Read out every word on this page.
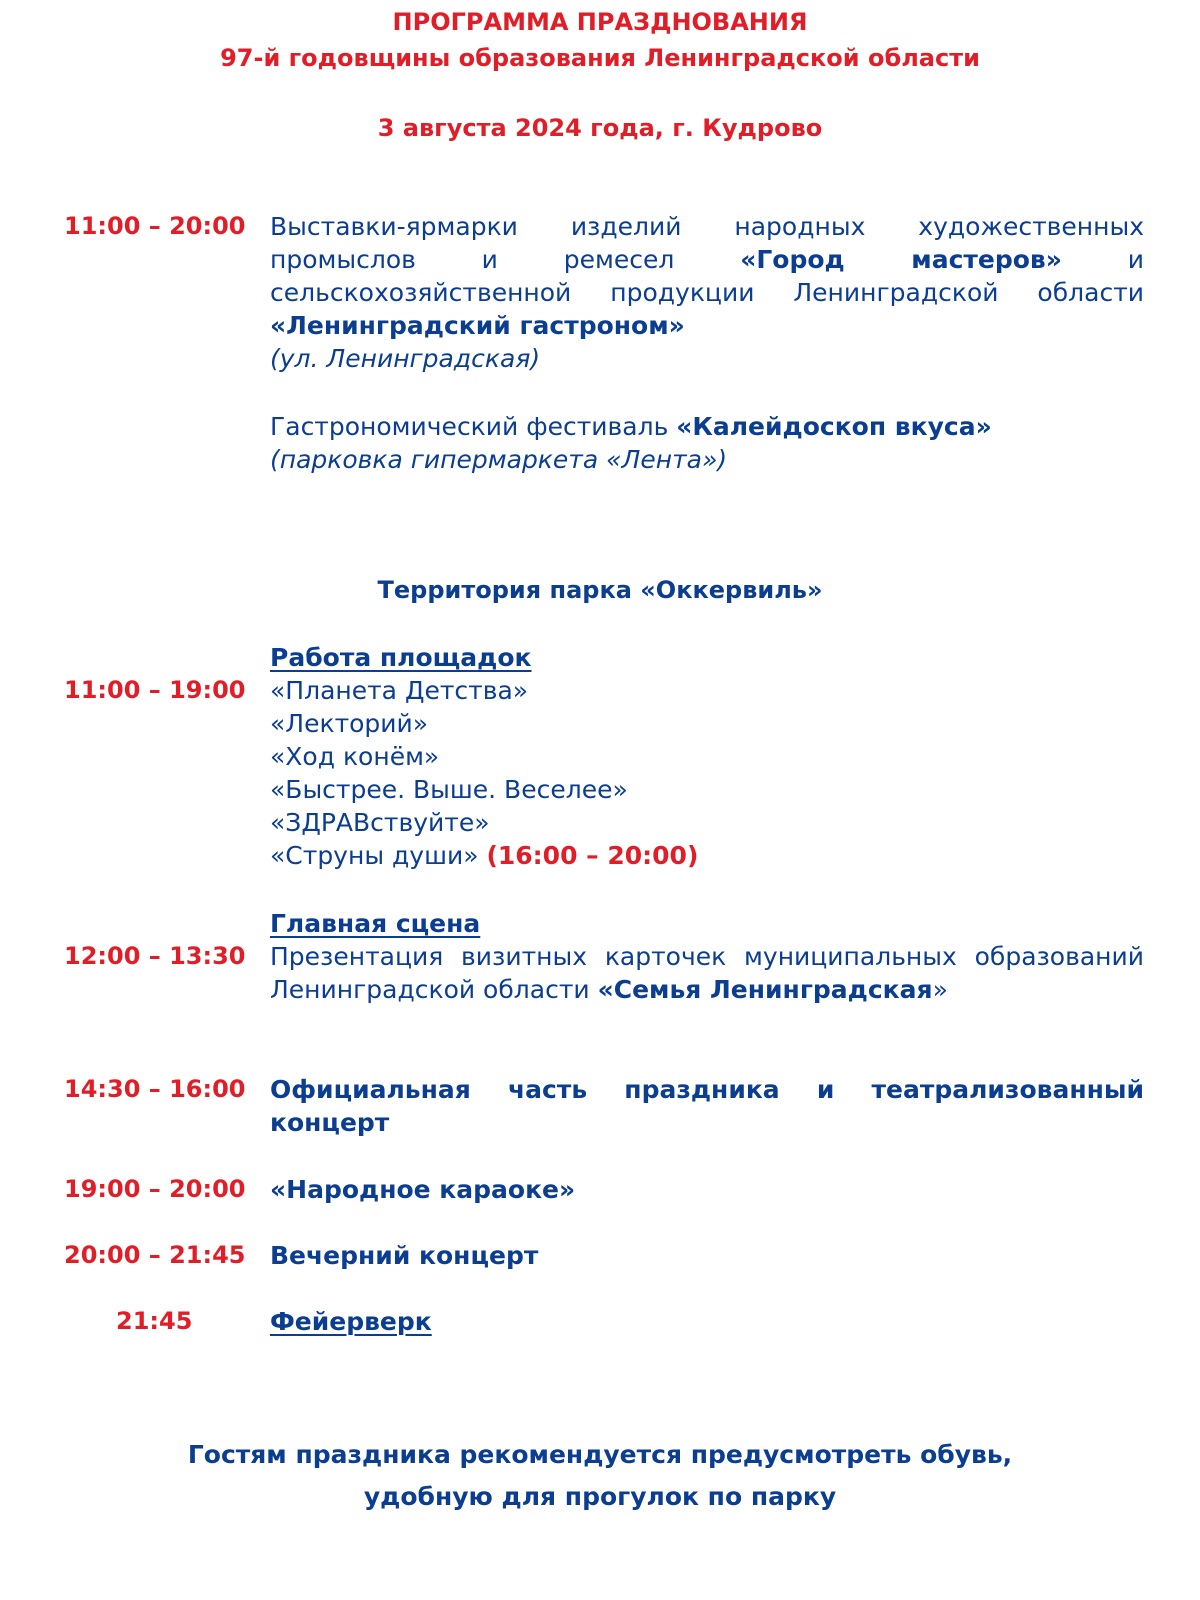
ПРОГРАММА ПРАЗДНОВАНИЯ
97-й годовщины образования Ленинградской области
3 августа 2024 года, г. Кудрово
11:00 – 20:00 Выставки-ярмарки изделий народных художественных промыслов и ремесел	«Город мастеров»	и сельскохозяйственной продукции Ленинградской области «Ленинградский гастроном»
(ул. Ленинградская)
Гастрономический фестиваль «Калейдоскоп вкуса»
(парковка гипермаркета «Лента»)
Территория парка «Оккервиль»
Работа площадок
11:00 – 19:00 «Планета Детства»
«Лекторий»
«Ход конём»
«Быстрее. Выше. Веселее»
«ЗДРАВствуйте»
«Струны души» (16:00 – 20:00)
Главная сцена
12:00 – 13:30 Презентация визитных карточек муниципальных образований Ленинградской области «Семья Ленинградская»
14:30 – 16:00 Официальная часть праздника и театрализованный концерт
19:00 – 20:00 «Народное караоке»
20:00 – 21:45 Вечерний концерт
21:45	Фейерверк
Гостям праздника рекомендуется предусмотреть обувь,
удобную для прогулок по парку
